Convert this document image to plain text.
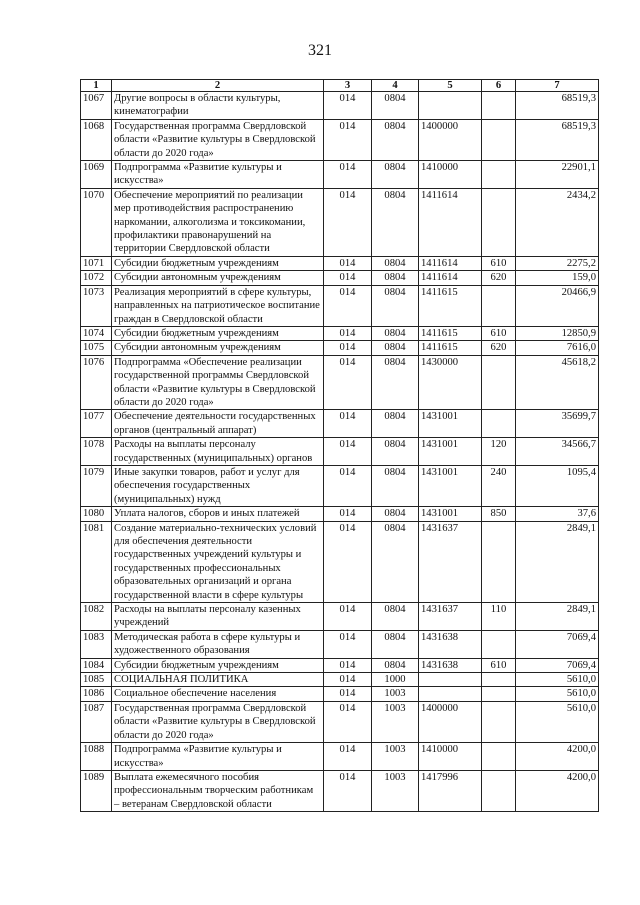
321
1	2	3	4	5	6	7
1067	Другие вопросы в области культуры, кинематографии	014	0804			68519,3
1068	Государственная программа Свердловской области «Развитие культуры в Свердловской области до 2020 года»	014	0804	1400000		68519,3
1069	Подпрограмма «Развитие культуры и искусства»	014	0804	1410000		22901,1
1070	Обеспечение мероприятий по реализации мер противодействия распространению наркомании, алкоголизма и токсикомании, профилактики правонарушений на территории Свердловской области	014	0804	1411614		2434,2
1071	Субсидии бюджетным учреждениям	014	0804	1411614	610	2275,2
1072	Субсидии автономным учреждениям	014	0804	1411614	620	159,0
1073	Реализация мероприятий в сфере культуры, направленных на патриотическое воспитание граждан в Свердловской области	014	0804	1411615		20466,9
1074	Субсидии бюджетным учреждениям	014	0804	1411615	610	12850,9
1075	Субсидии автономным учреждениям	014	0804	1411615	620	7616,0
1076	Подпрограмма «Обеспечение реализации государственной программы Свердловской области «Развитие культуры в Свердловской области до 2020 года»	014	0804	1430000		45618,2
1077	Обеспечение деятельности государственных органов (центральный аппарат)	014	0804	1431001		35699,7
1078	Расходы на выплаты персоналу государственных (муниципальных) органов	014	0804	1431001	120	34566,7
1079	Иные закупки товаров, работ и услуг для обеспечения государственных (муниципальных) нужд	014	0804	1431001	240	1095,4
1080	Уплата налогов, сборов и иных платежей	014	0804	1431001	850	37,6
1081	Создание материально-технических условий для обеспечения деятельности государственных учреждений культуры и государственных профессиональных образовательных организаций и органа государственной власти в сфере культуры	014	0804	1431637		2849,1
1082	Расходы на выплаты персоналу казенных учреждений	014	0804	1431637	110	2849,1
1083	Методическая работа в сфере культуры и художественного образования	014	0804	1431638		7069,4
1084	Субсидии бюджетным учреждениям	014	0804	1431638	610	7069,4
1085	СОЦИАЛЬНАЯ ПОЛИТИКА	014	1000			5610,0
1086	Социальное обеспечение населения	014	1003			5610,0
1087	Государственная программа Свердловской области «Развитие культуры в Свердловской области до 2020 года»	014	1003	1400000		5610,0
1088	Подпрограмма «Развитие культуры и искусства»	014	1003	1410000		4200,0
1089	Выплата ежемесячного пособия профессиональным творческим работникам – ветеранам Свердловской области	014	1003	1417996		4200,0
